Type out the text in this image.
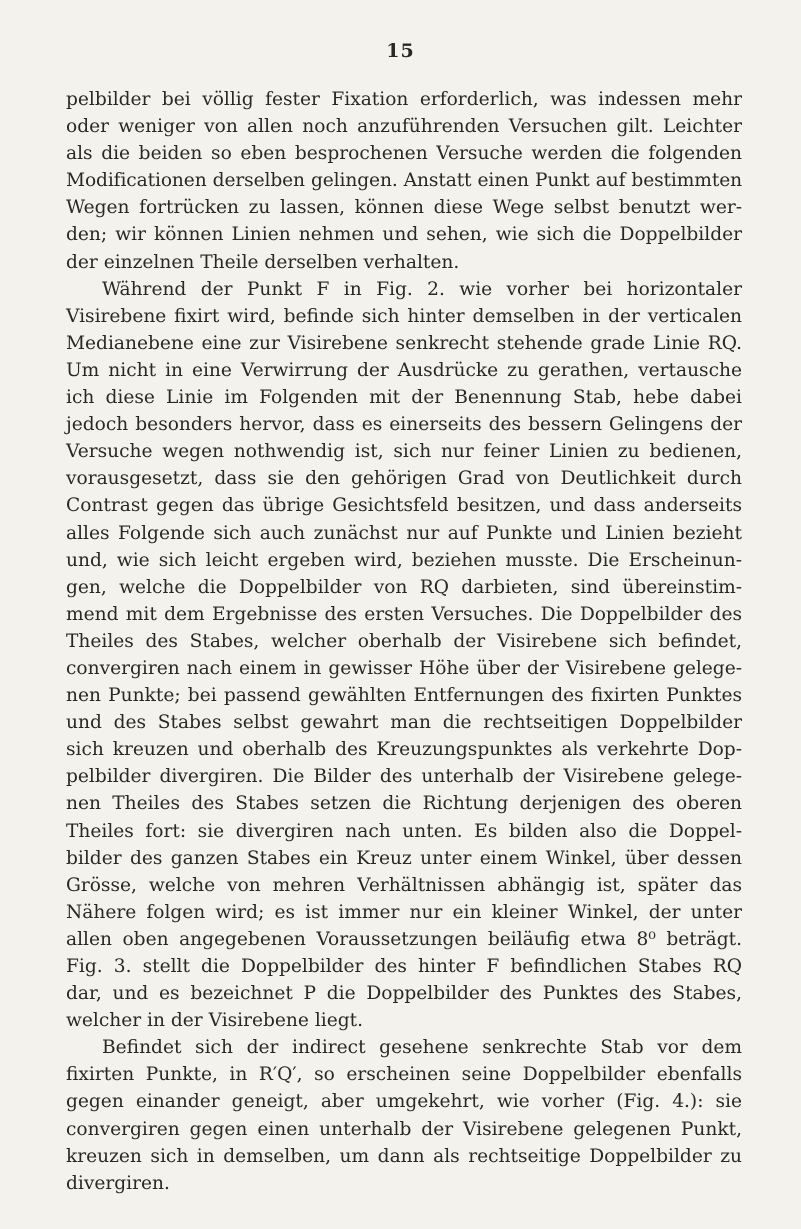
15
pelbilder bei völlig fester Fixation erforderlich, was indessen mehr
oder weniger von allen noch anzuführenden Versuchen gilt. Leichter
als die beiden so eben besprochenen Versuche werden die folgenden
Modificationen derselben gelingen. Anstatt einen Punkt auf bestimmten
Wegen fortrücken zu lassen, können diese Wege selbst benutzt wer-
den; wir können Linien nehmen und sehen, wie sich die Doppelbilder
der einzelnen Theile derselben verhalten.
Während der Punkt F in Fig. 2. wie vorher bei horizontaler
Visirebene fixirt wird, befinde sich hinter demselben in der verticalen
Medianebene eine zur Visirebene senkrecht stehende grade Linie RQ.
Um nicht in eine Verwirrung der Ausdrücke zu gerathen, vertausche
ich diese Linie im Folgenden mit der Benennung Stab, hebe dabei
jedoch besonders hervor, dass es einerseits des bessern Gelingens der
Versuche wegen nothwendig ist, sich nur feiner Linien zu bedienen,
vorausgesetzt, dass sie den gehörigen Grad von Deutlichkeit durch
Contrast gegen das übrige Gesichtsfeld besitzen, und dass anderseits
alles Folgende sich auch zunächst nur auf Punkte und Linien bezieht
und, wie sich leicht ergeben wird, beziehen musste. Die Erscheinun-
gen, welche die Doppelbilder von RQ darbieten, sind übereinstim-
mend mit dem Ergebnisse des ersten Versuches. Die Doppelbilder des
Theiles des Stabes, welcher oberhalb der Visirebene sich befindet,
convergiren nach einem in gewisser Höhe über der Visirebene gelege-
nen Punkte; bei passend gewählten Entfernungen des fixirten Punktes
und des Stabes selbst gewahrt man die rechtseitigen Doppelbilder
sich kreuzen und oberhalb des Kreuzungspunktes als verkehrte Dop-
pelbilder divergiren. Die Bilder des unterhalb der Visirebene gelege-
nen Theiles des Stabes setzen die Richtung derjenigen des oberen
Theiles fort: sie divergiren nach unten. Es bilden also die Doppel-
bilder des ganzen Stabes ein Kreuz unter einem Winkel, über dessen
Grösse, welche von mehren Verhältnissen abhängig ist, später das
Nähere folgen wird; es ist immer nur ein kleiner Winkel, der unter
allen oben angegebenen Voraussetzungen beiläufig etwa 8⁰ beträgt.
Fig. 3. stellt die Doppelbilder des hinter F befindlichen Stabes RQ
dar, und es bezeichnet P die Doppelbilder des Punktes des Stabes,
welcher in der Visirebene liegt.
Befindet sich der indirect gesehene senkrechte Stab vor dem
fixirten Punkte, in R′Q′, so erscheinen seine Doppelbilder ebenfalls
gegen einander geneigt, aber umgekehrt, wie vorher (Fig. 4.): sie
convergiren gegen einen unterhalb der Visirebene gelegenen Punkt,
kreuzen sich in demselben, um dann als rechtseitige Doppelbilder zu
divergiren.
